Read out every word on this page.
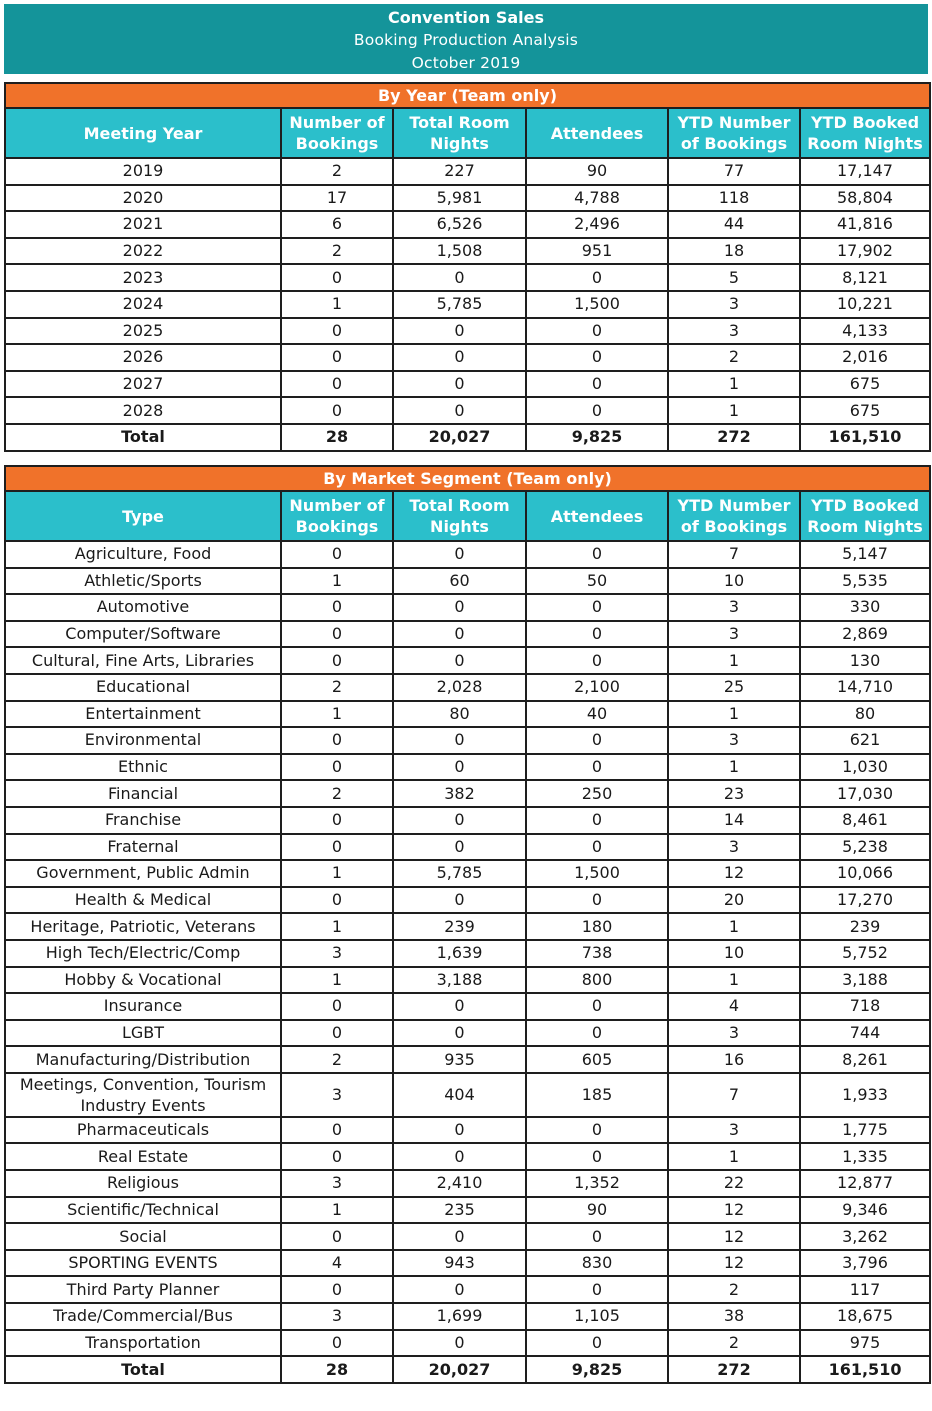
Convention Sales
Booking Production Analysis
October 2019
By Year (Team only)					
Meeting Year	Number of Bookings	Total Room Nights	Attendees	YTD Number of Bookings	YTD Booked Room Nights
2019	2	227	90	77	17,147
2020	17	5,981	4,788	118	58,804
2021	6	6,526	2,496	44	41,816
2022	2	1,508	951	18	17,902
2023	0	0	0	5	8,121
2024	1	5,785	1,500	3	10,221
2025	0	0	0	3	4,133
2026	0	0	0	2	2,016
2027	0	0	0	1	675
2028	0	0	0	1	675
Total	28	20,027	9,825	272	161,510
By Market Segment (Team only)					
Type	Number of Bookings	Total Room Nights	Attendees	YTD Number of Bookings	YTD Booked Room Nights
Agriculture, Food	0	0	0	7	5,147
Athletic/Sports	1	60	50	10	5,535
Automotive	0	0	0	3	330
Computer/Software	0	0	0	3	2,869
Cultural, Fine Arts, Libraries	0	0	0	1	130
Educational	2	2,028	2,100	25	14,710
Entertainment	1	80	40	1	80
Environmental	0	0	0	3	621
Ethnic	0	0	0	1	1,030
Financial	2	382	250	23	17,030
Franchise	0	0	0	14	8,461
Fraternal	0	0	0	3	5,238
Government, Public Admin	1	5,785	1,500	12	10,066
Health & Medical	0	0	0	20	17,270
Heritage, Patriotic, Veterans	1	239	180	1	239
High Tech/Electric/Comp	3	1,639	738	10	5,752
Hobby & Vocational	1	3,188	800	1	3,188
Insurance	0	0	0	4	718
LGBT	0	0	0	3	744
Manufacturing/Distribution	2	935	605	16	8,261
Meetings, Convention, Tourism Industry Events	3	404	185	7	1,933
Pharmaceuticals	0	0	0	3	1,775
Real Estate	0	0	0	1	1,335
Religious	3	2,410	1,352	22	12,877
Scientific/Technical	1	235	90	12	9,346
Social	0	0	0	12	3,262
SPORTING EVENTS	4	943	830	12	3,796
Third Party Planner	0	0	0	2	117
Trade/Commercial/Bus	3	1,699	1,105	38	18,675
Transportation	0	0	0	2	975
Total	28	20,027	9,825	272	161,510
